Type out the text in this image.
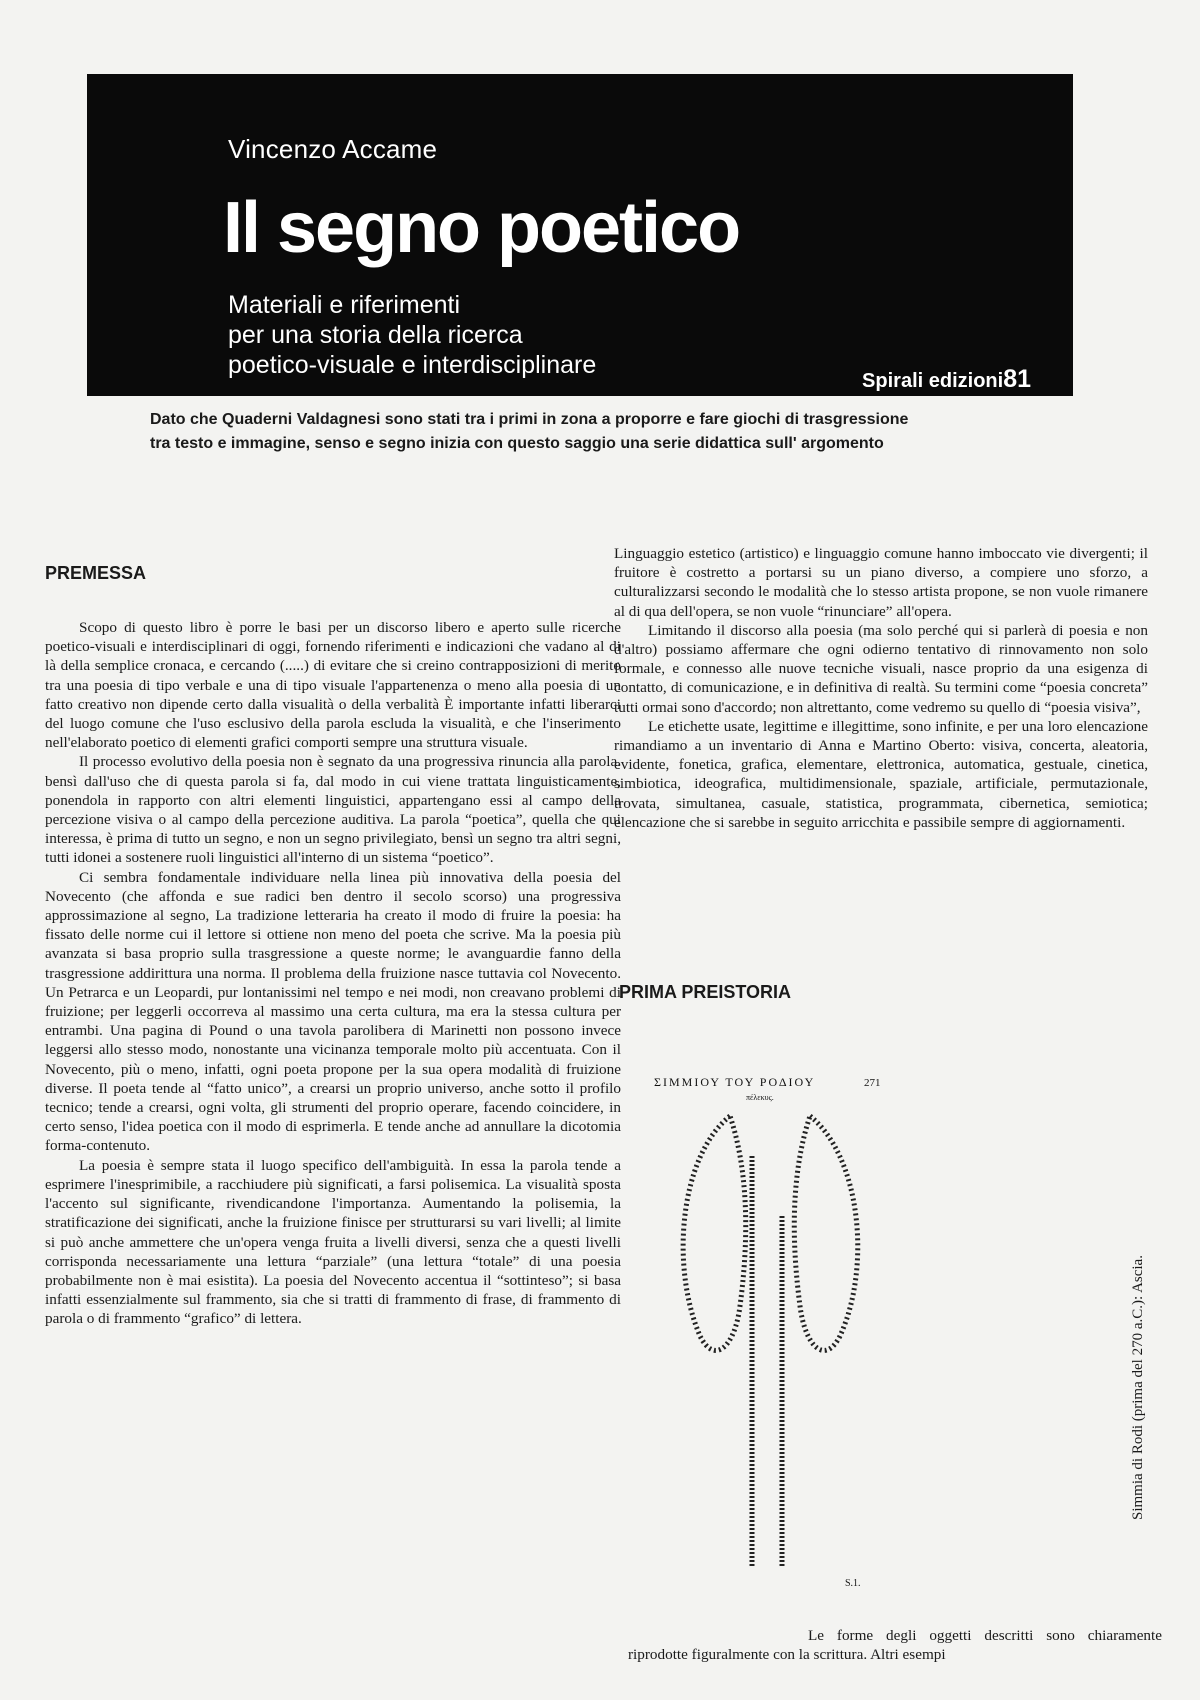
Vincenzo Accame
Il segno poetico
Materiali e riferimenti
per una storia della ricerca
poetico-visuale e interdisciplinare
Spirali edizioni81
Dato che Quaderni Valdagnesi sono stati tra i primi in zona a proporre e fare giochi di trasgressione
tra testo e immagine, senso e segno inizia con questo saggio una serie didattica sull' argomento
PREMESSA

Scopo di questo libro è porre le basi per un discorso libero e aperto sulle ricerche poetico-visuali e interdisciplinari di oggi, fornendo riferimenti e indicazioni che vadano al di là della semplice cronaca, e cercando (.....) di evitare che si creino contrapposizioni di merito tra una poesia di tipo verbale e una di tipo visuale l'appartenenza o meno alla poesia di un fatto creativo non dipende certo dalla visualità o della verbalità È importante infatti liberarci del luogo comune che l'uso esclusivo della parola escluda la visualità, e che l'inserimento nell'elaborato poetico di elementi grafici comporti sempre una struttura visuale.

Il processo evolutivo della poesia non è segnato da una progressiva rinuncia alla parola. bensì dall'uso che di questa parola si fa, dal modo in cui viene trattata linguisticamente, ponendola in rapporto con altri elementi linguistici, appartengano essi al campo della percezione visiva o al campo della percezione auditiva. La parola “poetica”, quella che qui interessa, è prima di tutto un segno, e non un segno privilegiato, bensì un segno tra altri segni, tutti idonei a sostenere ruoli linguistici all'interno di un sistema “poetico”.

Ci sembra fondamentale individuare nella linea più innovativa della poesia del Novecento (che affonda e sue radici ben dentro il secolo scorso) una progressiva approssimazione al segno, La tradizione letteraria ha creato il modo di fruire la poesia: ha fissato delle norme cui il lettore si ottiene non meno del poeta che scrive. Ma la poesia più avanzata si basa proprio sulla trasgressione a queste norme; le avanguardie fanno della trasgressione addirittura una norma. Il problema della fruizione nasce tuttavia col Novecento. Un Petrarca e un Leopardi, pur lontanissimi nel tempo e nei modi, non creavano problemi di fruizione; per leggerli occorreva al massimo una certa cultura, ma era la stessa cultura per entrambi. Una pagina di Pound o una tavola parolibera di Marinetti non possono invece leggersi allo stesso modo, nonostante una vicinanza temporale molto più accentuata. Con il Novecento, più o meno, infatti, ogni poeta propone per la sua opera modalità di fruizione diverse. Il poeta tende al “fatto unico”, a crearsi un proprio universo, anche sotto il profilo tecnico; tende a crearsi, ogni volta, gli strumenti del proprio operare, facendo coincidere, in certo senso, l'idea poetica con il modo di esprimerla. E tende anche ad annullare la dicotomia forma-contenuto.

La poesia è sempre stata il luogo specifico dell'ambiguità. In essa la parola tende a esprimere l'inesprimibile, a racchiudere più significati, a farsi polisemica. La visualità sposta l'accento sul significante, rivendicandone l'importanza. Aumentando la polisemia, la stratificazione dei significati, anche la fruizione finisce per strutturarsi su vari livelli; al limite si può anche ammettere che un'opera venga fruita a livelli diversi, senza che a questi livelli corrisponda necessariamente una lettura “parziale” (una lettura “totale” di una poesia probabilmente non è mai esistita). La poesia del Novecento accentua il “sottinteso”; si basa infatti essenzialmente sul frammento, sia che si tratti di frammento di frase, di frammento di parola o di frammento “grafico” di lettera.

Linguaggio estetico (artistico) e linguaggio comune hanno imboccato vie divergenti; il fruitore è costretto a portarsi su un piano diverso, a compiere uno sforzo, a culturalizzarsi secondo le modalità che lo stesso artista propone, se non vuole rimanere al di qua dell'opera, se non vuole “rinunciare” all'opera.

Limitando il discorso alla poesia (ma solo perché qui si parlerà di poesia e non d'altro) possiamo affermare che ogni odierno tentativo di rinnovamento non solo formale, e connesso alle nuove tecniche visuali, nasce proprio da una esigenza di contatto, di comunicazione, e in definitiva di realtà. Su termini come “poesia concreta” tutti ormai sono d'accordo; non altrettanto, come vedremo su quello di “poesia visiva”,

Le etichette usate, legittime e illegittime, sono infinite, e per una loro elencazione rimandiamo a un inventario di Anna e Martino Oberto: visiva, concerta, aleatoria, evidente, fonetica, grafica, elementare, elettronica, automatica, gestuale, cinetica, simbiotica, ideografica, multidimensionale, spaziale, artificiale, permutazionale, trovata, simultanea, casuale, statistica, programmata, cibernetica, semiotica; elencazione che si sarebbe in seguito arricchita e passibile sempre di aggiornamenti.

PRIMA PREISTORIA
ΣΙΜΜΙΟΥ ΤΟΥ ΡΟΔΙΟΥ	271
πέλεκυς.
S.1.
Simmia di Rodi (prima del 270 a.C.): Ascia.

Le forme degli oggetti descritti sono chiaramente riprodotte figuralmente con la scrittura. Altri esempi
